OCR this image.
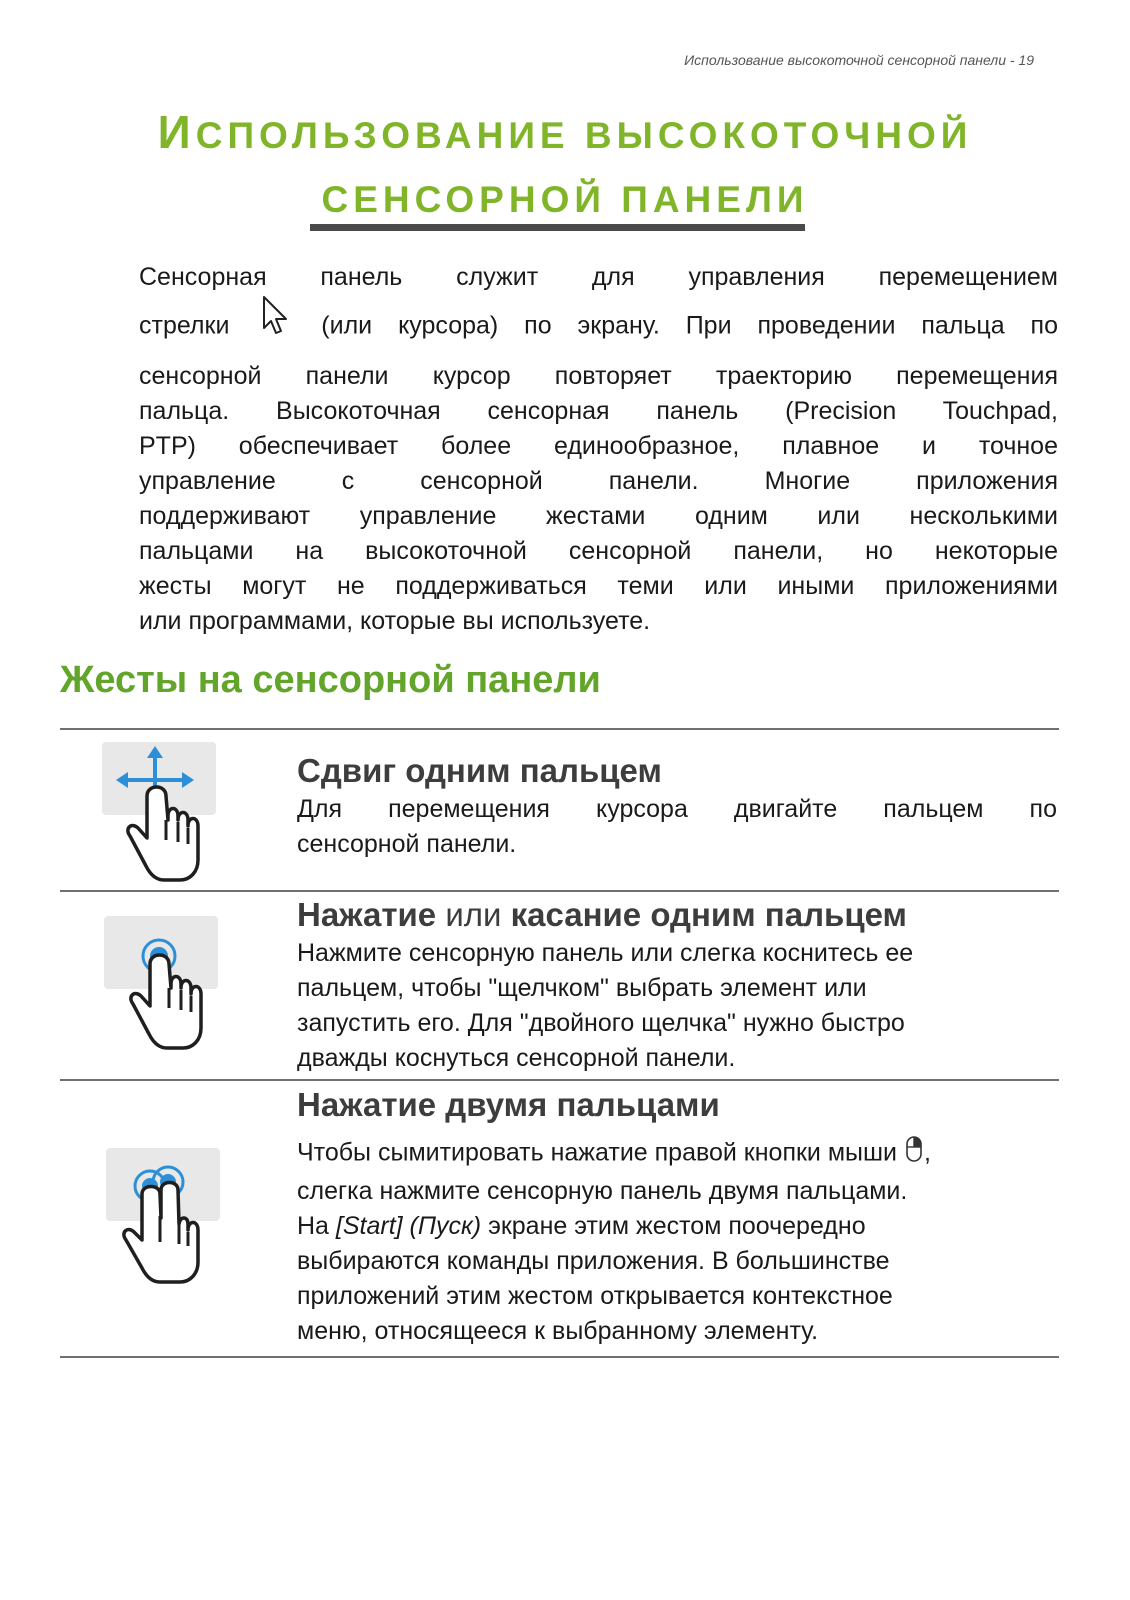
Использование высокоточной сенсорной панели - 19
ИСПОЛЬЗОВАНИЕ ВЫСОКОТОЧНОЙ
СЕНСОРНОЙ ПАНЕЛИ

Сенсорная панель служит для управления перемещением

стрелки	(или курсора) по экрану. При проведении пальца по

сенсорной панели курсор повторяет траекторию перемещения

пальца. Высокоточная сенсорная панель (Precision Touchpad,

PTP) обеспечивает более единообразное, плавное и точное

управление с сенсорной панели. Многие приложения

поддерживают управление жестами одним или несколькими

пальцами на высокоточной сенсорной панели, но некоторые

жесты могут не поддерживаться теми или иными приложениями

или программами, которые вы используете.

Жесты на сенсорной панели
Сдвиг одним пальцем

Для перемещения курсора двигайте пальцем по

сенсорной панели.

Нажатие или касание одним пальцем

Нажмите сенсорную панель или слегка коснитесь ее

пальцем, чтобы "щелчком" выбрать элемент или

запустить его. Для "двойного щелчка" нужно быстро

дважды коснуться сенсорной панели.

Нажатие двумя пальцами

Чтобы сымитировать нажатие правой кнопки мыши ,

слегка нажмите сенсорную панель двумя пальцами.

На [Start] (Пуск) экране этим жестом поочередно

выбираются команды приложения. В большинстве

приложений этим жестом открывается контекстное

меню, относящееся к выбранному элементу.
